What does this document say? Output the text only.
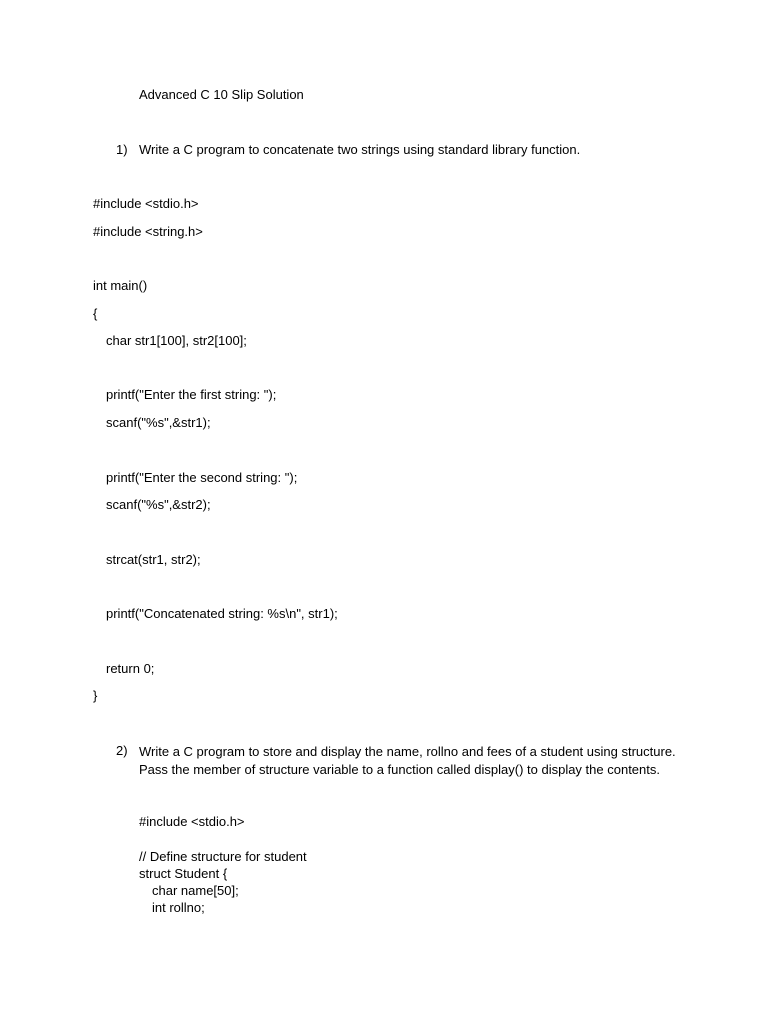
Advanced C 10 Slip Solution
1) Write a C program to concatenate two strings using standard library function.
#include <stdio.h>
#include <string.h>
int main()
{
char str1[100], str2[100];
printf("Enter the first string: ");
scanf("%s",&str1);
printf("Enter the second string: ");
scanf("%s",&str2);
strcat(str1, str2);
printf("Concatenated string: %s\n", str1);
return 0;
}
2) Write a C program to store and display the name, rollno and fees of a student using structure. Pass the member of structure variable to a function called display() to display the contents.
#include <stdio.h>
// Define structure for student
struct Student {
char name[50];
int rollno;
